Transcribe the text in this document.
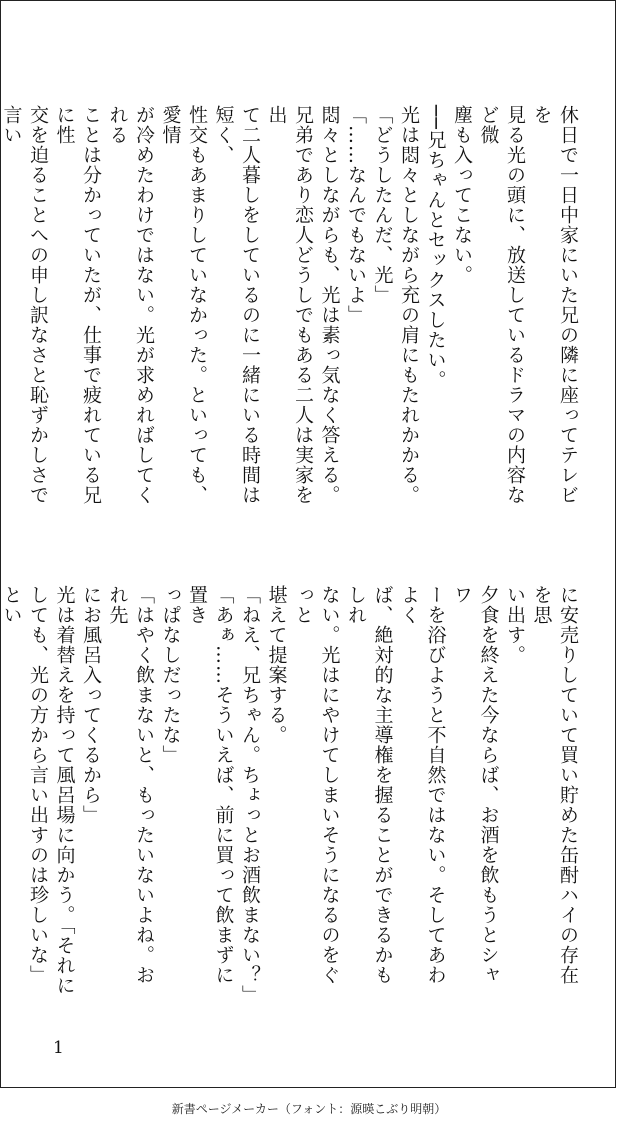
休日で一日中家にいた兄の隣に座ってテレビを

見る光の頭に、放送しているドラマの内容など微

塵も入ってこない。

──兄ちゃんとセックスしたい。

光は悶々としながら充の肩にもたれかかる。

「どうしたんだ、光」

「……なんでもないよ」

悶々としながらも、光は素っ気なく答える。

兄弟であり恋人どうしでもある二人は実家を出

て二人暮しをしているのに一緒にいる時間は短く、

性交もあまりしていなかった。といっても、愛情

が冷めたわけではない。光が求めればしてくれる

ことは分かっていたが、仕事で疲れている兄に性

交を迫ることへの申し訳なさと恥ずかしさで言い

に安売りしていて買い貯めた缶酎ハイの存在を思

い出す。

夕食を終えた今ならば、お酒を飲もうとシャワ

ーを浴びようと不自然ではない。そしてあわよく

ば、絶対的な主導権を握ることができるかもしれ

ない。光はにやけてしまいそうになるのをぐっと

堪えて提案する。

「ねえ、兄ちゃん。ちょっとお酒飲まない？」

「あぁ……そういえば、前に買って飲まずに置き

っぱなしだったな」

「はやく飲まないと、もったいないよね。おれ先

にお風呂入ってくるから」

光は着替えを持って風呂場に向かう。「それに

しても、光の方から言い出すのは珍しいな」とい

1
新書ページメーカー（フォント：源暎こぶり明朝）
